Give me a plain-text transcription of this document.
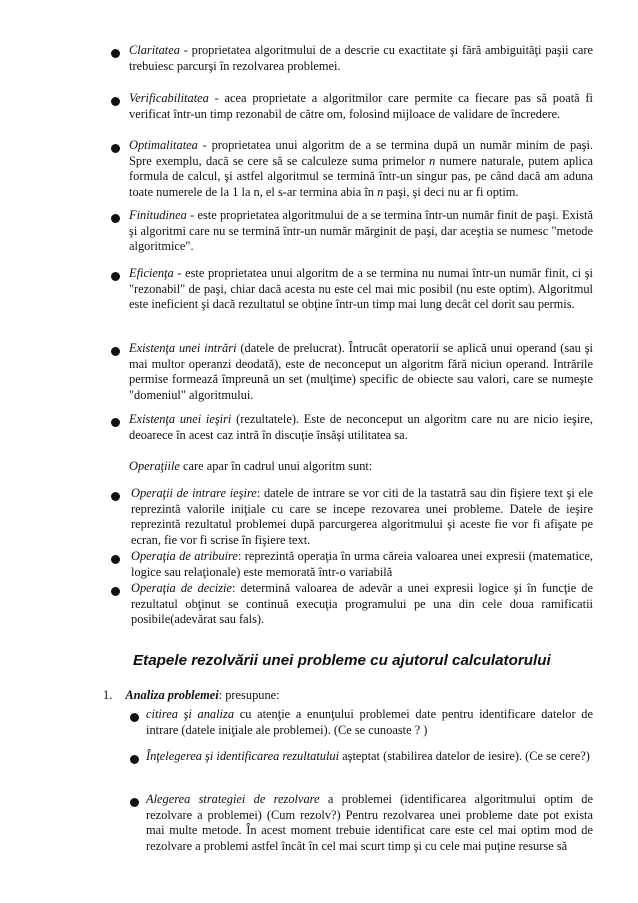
Claritatea - proprietatea algoritmului de a descrie cu exactitate şi fără ambiguităţi paşii care trebuiesc parcurşi în rezolvarea problemei.
Verificabilitatea - acea proprietate a algoritmilor care permite ca fiecare pas să poată fi verificat într-un timp rezonabil de către om, folosind mijloace de validare de încredere.
Optimalitatea - proprietatea unui algoritm de a se termina după un număr minim de paşi. Spre exemplu, dacă se cere să se calculeze suma primelor n numere naturale, putem aplica formula de calcul, şi astfel algoritmul se termină într-un singur pas, pe când dacă am aduna toate numerele de la 1 la n, el s-ar termina abia în n paşi, şi deci nu ar fi optim.
Finitudinea - este proprietatea algoritmului de a se termina într-un număr finit de paşi. Există şi algoritmi care nu se termină într-un număr mărginit de paşi, dar aceştia se numesc "metode algoritmice".
Eficienţa - este proprietatea unui algoritm de a se termina nu numai într-un număr finit, ci şi "rezonabil" de paşi, chiar dacă acesta nu este cel mai mic posibil (nu este optim). Algoritmul este ineficient şi dacă rezultatul se obţine într-un timp mai lung decât cel dorit sau permis.
Existenţa unei intrări (datele de prelucrat). Întrucât operatorii se aplică unui operand (sau şi mai multor operanzi deodată), este de neconceput un algoritm fără niciun operand. Intrările permise formează împreună un set (mulţime) specific de obiecte sau valori, care se numeşte "domeniul" algoritmului.
Existenţa unei ieşiri (rezultatele). Este de neconceput un algoritm care nu are nicio ieşire, deoarece în acest caz intră în discuţie însăşi utilitatea sa.
Operaţiile care apar în cadrul unui algoritm sunt:
Operaţii de intrare ieşire: datele de intrare se vor citi de la tastatră sau din fişiere text şi ele reprezintă valorile iniţiale cu care se incepe rezovarea unei probleme. Datele de ieşire reprezintă rezultatul problemei după parcurgerea algoritmului şi aceste fie vor fi afişate pe ecran, fie vor fi scrise în fişiere text.
Operaţia de atribuire: reprezintă operaţia în urma căreia valoarea unei expresii (matematice, logice sau relaţionale) este memorată într-o variabilă
Operaţia de decizie: determină valoarea de adevăr a unei expresii logice şi în funcţie de rezultatul obţinut se continuă execuţia programului pe una din cele doua ramificatii posibile(adevărat sau fals).
Etapele rezolvării unei probleme cu ajutorul calculatorului
1. Analiza problemei: presupune:
citirea şi analiza cu atenţie a enunţului problemei date pentru identificare datelor de intrare (datele iniţiale ale problemei). (Ce se cunoaste ? )
Înţelegerea şi identificarea rezultatului aşteptat (stabilirea datelor de iesire). (Ce se cere?)
Alegerea strategiei de rezolvare a problemei (identificarea algoritmului optim de rezolvare a problemei) (Cum rezolv?) Pentru rezolvarea unei probleme date pot exista mai multe metode. În acest moment trebuie identificat care este cel mai optim mod de rezolvare a problemi astfel încât în cel mai scurt timp şi cu cele mai puţine resurse să
